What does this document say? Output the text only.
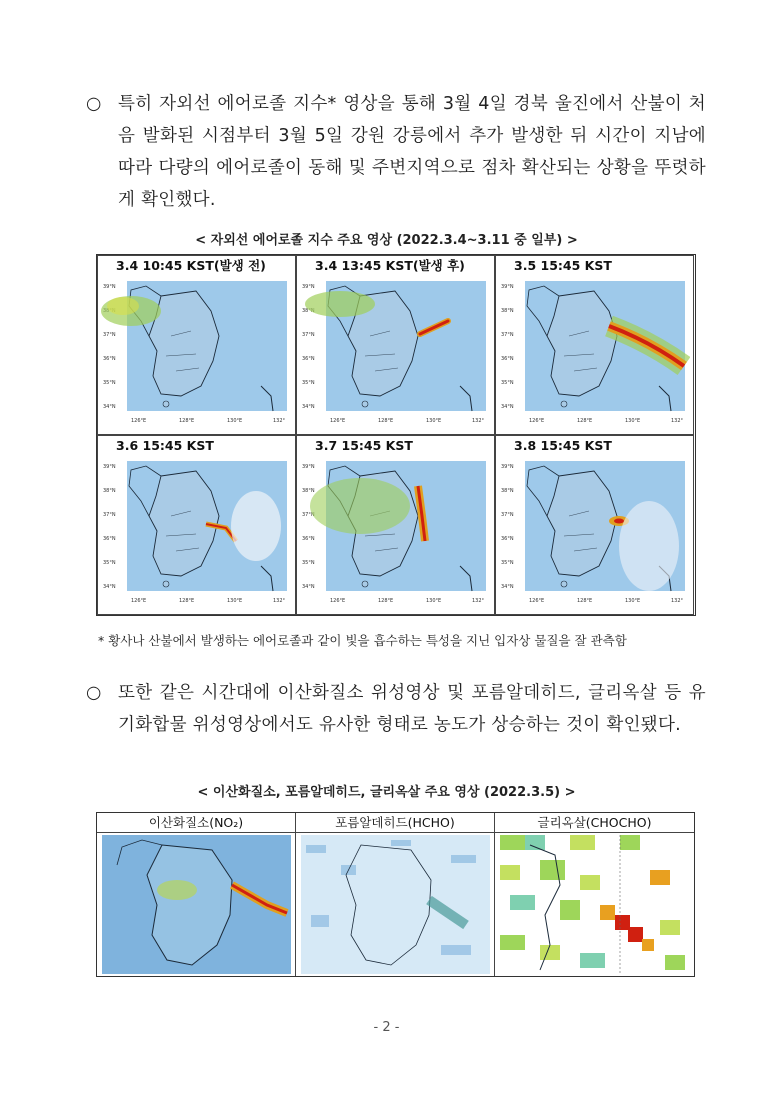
○ 특히 자외선 에어로졸 지수* 영상을 통해 3월 4일 경북 울진에서 산불이 처음 발화된 시점부터 3월 5일 강원 강릉에서 추가 발생한 뒤 시간이 지남에 따라 다량의 에어로졸이 동해 및 주변지역으로 점차 확산되는 상황을 뚜렷하게 확인했다.
< 자외선 에어로졸 지수 주요 영상 (2022.3.4~3.11 중 일부) >
3.4 10:45 KST(발생 전)	3.4 13:45 KST(발생 후)	3.5 15:45 KST
3.6 15:45 KST	3.7 15:45 KST	3.8 15:45 KST
* 황사나 산불에서 발생하는 에어로졸과 같이 빛을 흡수하는 특성을 지닌 입자상 물질을 잘 관측함
○ 또한 같은 시간대에 이산화질소 위성영상 및 포름알데히드, 글리옥살 등 유기화합물 위성영상에서도 유사한 형태로 농도가 상승하는 것이 확인됐다.
< 이산화질소, 포름알데히드, 글리옥살 주요 영상 (2022.3.5) >
이산화질소(NO₂)	포름알데히드(HCHO)	글리옥살(CHOCHO)
- 2 -
